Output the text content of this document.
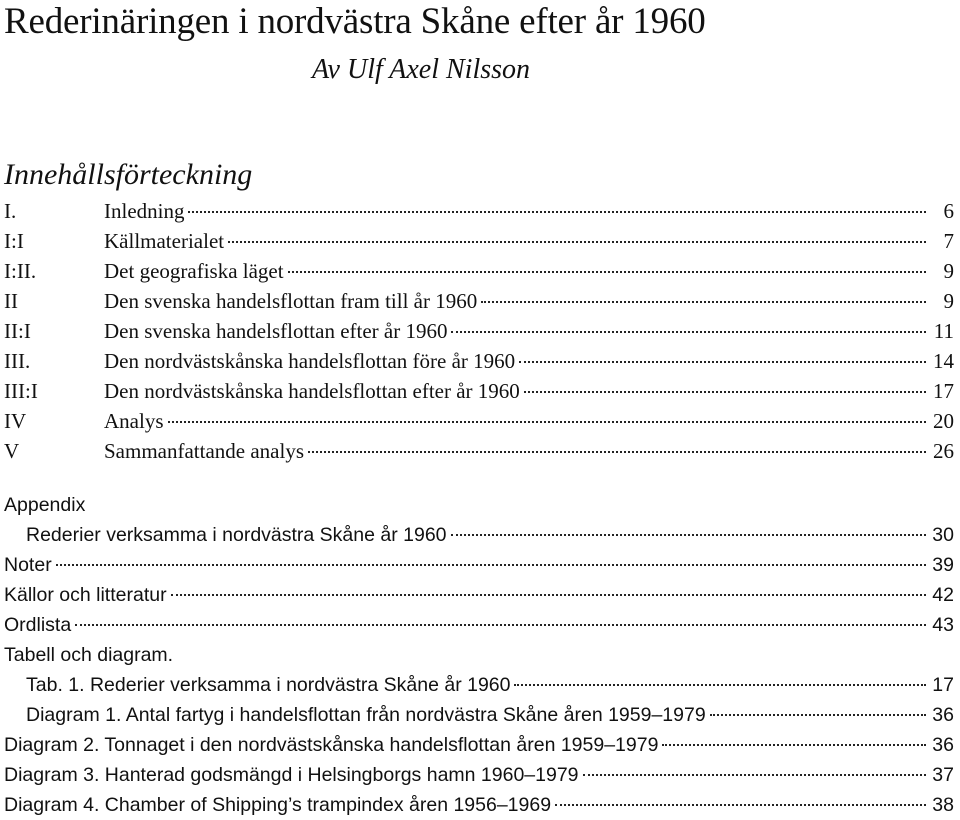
Rederinäringen i nordvästra Skåne efter år 1960
Av Ulf Axel Nilsson
Innehållsförteckning
I.	Inledning	6
I:I	Källmaterialet	7
I:II.	Det geografiska läget	9
II	Den svenska handelsflottan fram till år 1960	9
II:I	Den svenska handelsflottan efter år 1960	11
III.	Den nordvästskånska handelsflottan före år 1960	14
III:I	Den nordvästskånska handelsflottan efter år 1960	17
IV	Analys	20
V	Sammanfattande analys	26
Appendix
Rederier verksamma i nordvästra Skåne år 1960	30
Noter	39
Källor och litteratur	42
Ordlista	43
Tabell och diagram.
Tab. 1. Rederier verksamma i nordvästra Skåne år 1960	17
Diagram 1. Antal fartyg i handelsflottan från nordvästra Skåne åren 1959–1979	36
Diagram 2. Tonnaget i den nordvästskånska handelsflottan åren 1959–1979	36
Diagram 3. Hanterad godsmängd i Helsingborgs hamn 1960–1979	37
Diagram 4. Chamber of Shipping’s trampindex åren 1956–1969	38
